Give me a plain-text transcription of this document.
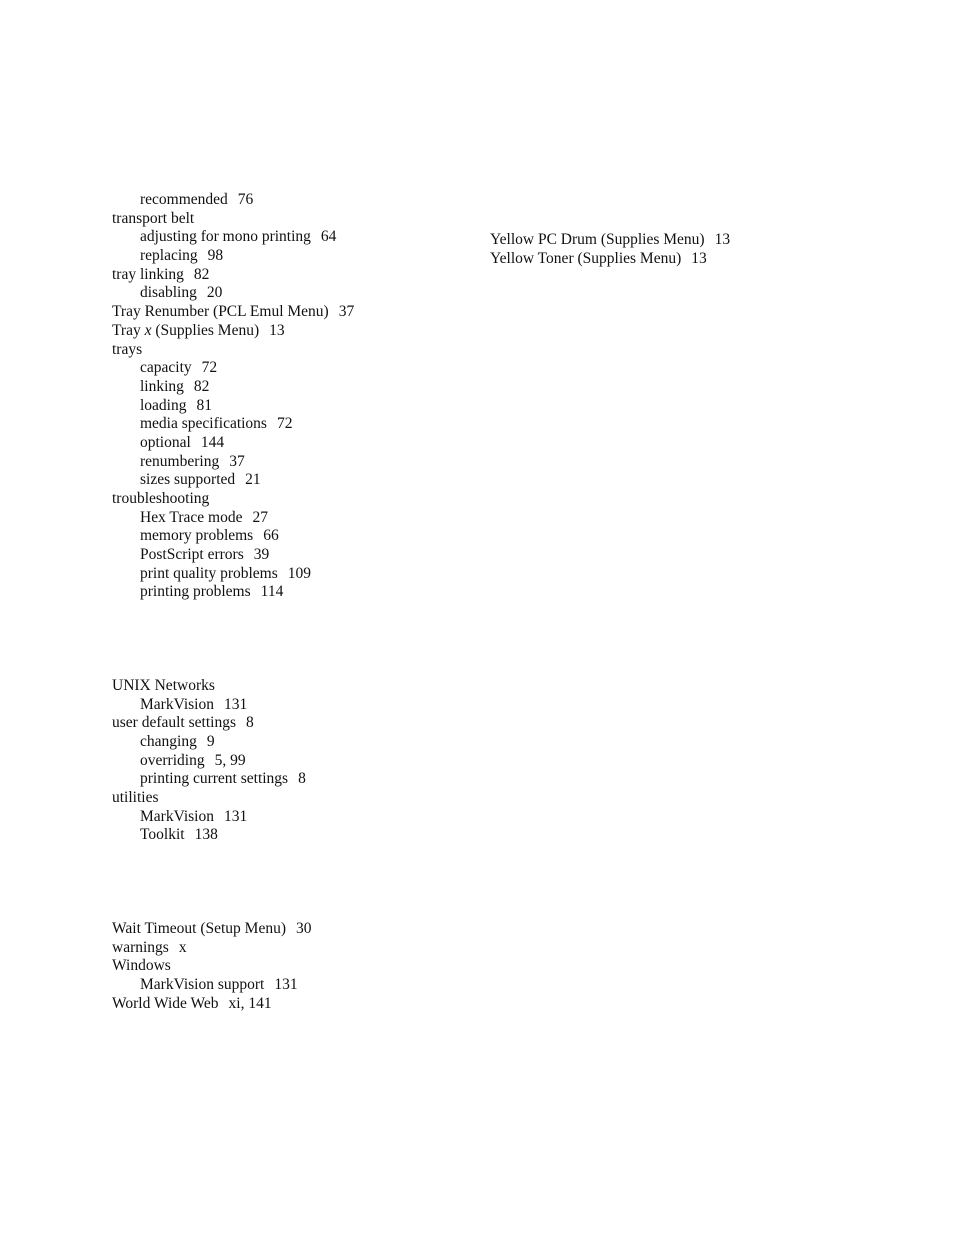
recommended 76
transport belt
adjusting for mono printing 64
replacing 98
tray linking 82
disabling 20
Tray Renumber (PCL Emul Menu) 37
Tray x (Supplies Menu) 13
trays
capacity 72
linking 82
loading 81
media specifications 72
optional 144
renumbering 37
sizes supported 21
troubleshooting
Hex Trace mode 27
memory problems 66
PostScript errors 39
print quality problems 109
printing problems 114
UNIX Networks
MarkVision 131
user default settings 8
changing 9
overriding 5, 99
printing current settings 8
utilities
MarkVision 131
Toolkit 138
Wait Timeout (Setup Menu) 30
warnings x
Windows
MarkVision support 131
World Wide Web xi, 141
Yellow PC Drum (Supplies Menu) 13
Yellow Toner (Supplies Menu) 13
